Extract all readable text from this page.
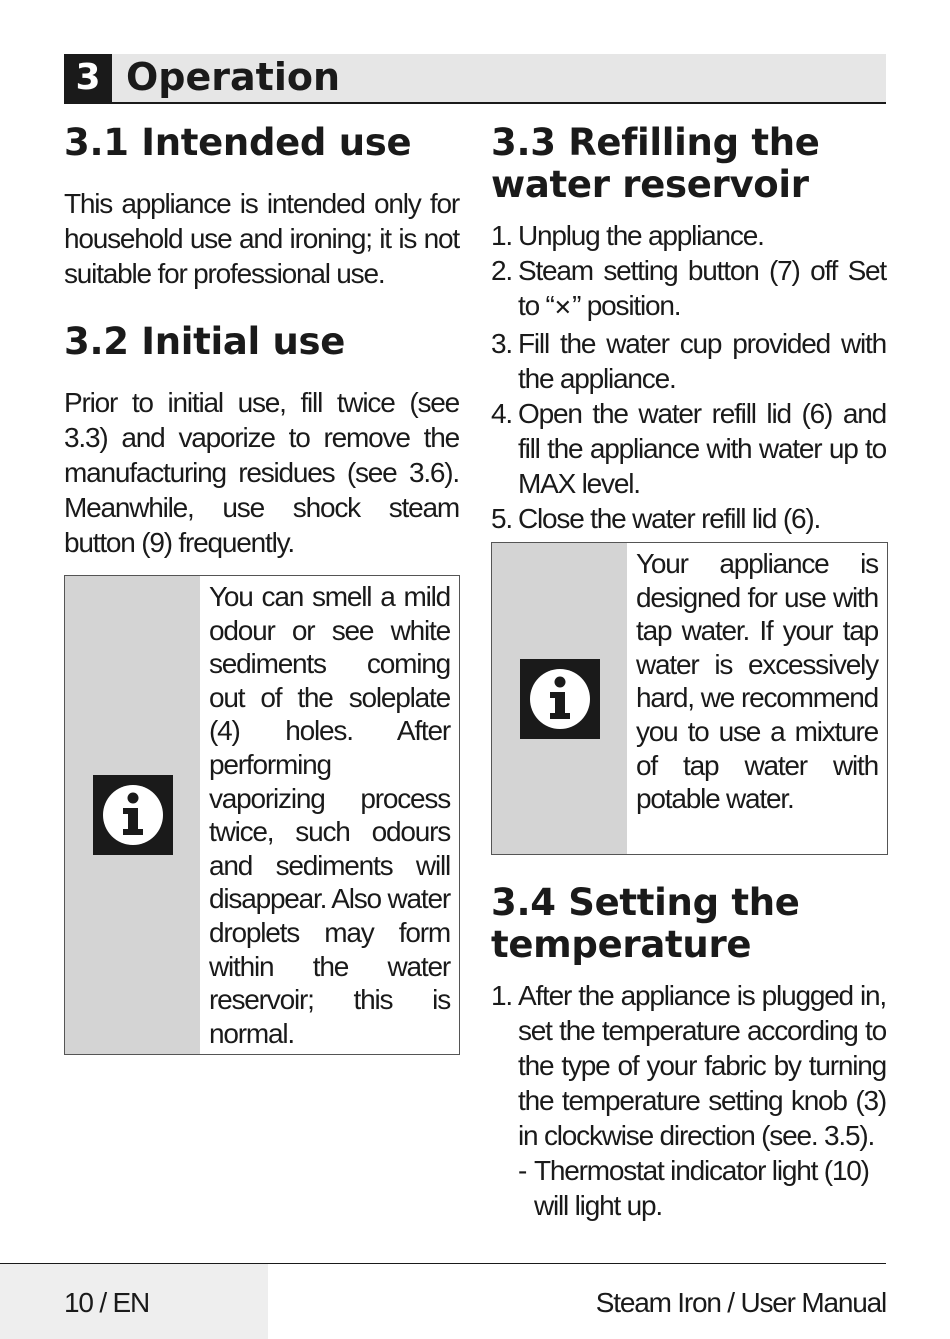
3 Operation
3.1 Intended use

This appliance is intended only for household use and ironing; it is not suitable for professional use.

3.2 Initial use

Prior to initial use, fill twice (see 3.3) and vaporize to remove the manufacturing residues (see 3.6). Meanwhile, use shock steam button (9) frequently.

You can smell a mild odour or see white sediments coming out of the soleplate (4) holes. After performing vaporizing process twice, such odours and sediments will disappear. Also water droplets may form within the water reservoir; this is normal.
3.3 Refilling the water reservoir
1. Unplug the appliance.
2. Steam setting button (7) off Set to “✕” position.
3. Fill the water cup provided with the appliance.
4. Open the water refill lid (6) and fill the appliance with water up to MAX level.
5. Close the water refill lid (6).
Your appliance is designed for use with tap water. If your tap water is excessively hard, we recommend you to use a mixture of tap water with potable water.
3.4 Setting the temperature
1. After the appliance is plugged in, set the temperature according to the type of your fabric by turning the temperature setting knob (3) in clockwise direction (see. 3.5).
- Thermostat indicator light (10) will light up.
10 / EN	Steam Iron / User Manual
